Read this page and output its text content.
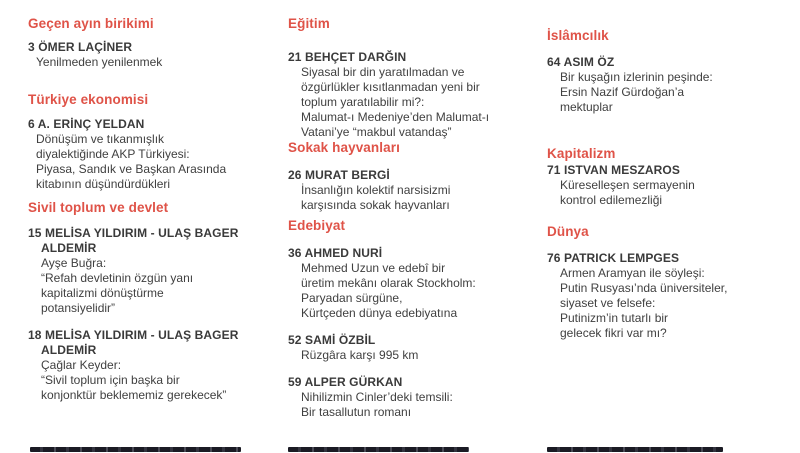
Geçen ayın birikimi
3 ÖMER LAÇİNER
Yenilmeden yenilenmek
Türkiye ekonomisi
6 A. ERİNÇ YELDAN
Dönüşüm ve tıkanmışlık
diyalektiğinde AKP Türkiyesi:
Piyasa, Sandık ve Başkan Arasında
kitabının düşündürdükleri
Sivil toplum ve devlet
15 MELİSA YILDIRIM - ULAŞ BAGER
ALDEMİR
Ayşe Buğra:
“Refah devletinin özgün yanı
kapitalizmi dönüştürme
potansiyelidir”
18 MELİSA YILDIRIM - ULAŞ BAGER
ALDEMİR
Çağlar Keyder:
“Sivil toplum için başka bir
konjonktür beklememiz gerekecek”
Eğitim
21 BEHÇET DARĞIN
Siyasal bir din yaratılmadan ve
özgürlükler kısıtlanmadan yeni bir
toplum yaratılabilir mi?:
Malumat-ı Medeniye’den Malumat-ı
Vatani’ye “makbul vatandaş”
Sokak hayvanları
26 MURAT BERGİ
İnsanlığın kolektif narsisizmi
karşısında sokak hayvanları
Edebiyat
36 AHMED NURİ
Mehmed Uzun ve edebî bir
üretim mekânı olarak Stockholm:
Paryadan sürgüne,
Kürtçeden dünya edebiyatına
52 SAMİ ÖZBİL
Rüzgâra karşı 995 km
59 ALPER GÜRKAN
Nihilizmin Cinler’deki temsili:
Bir tasallutun romanı
İslâmcılık
64 ASIM ÖZ
Bir kuşağın izlerinin peşinde:
Ersin Nazif Gürdoğan’a
mektuplar
Kapitalizm
71 ISTVAN MESZAROS
Küreselleşen sermayenin
kontrol edilemezliği
Dünya
76 PATRICK LEMPGES
Armen Aramyan ile söyleşi:
Putin Rusyası’nda üniversiteler,
siyaset ve felsefe:
Putinizm’in tutarlı bir
gelecek fikri var mı?
